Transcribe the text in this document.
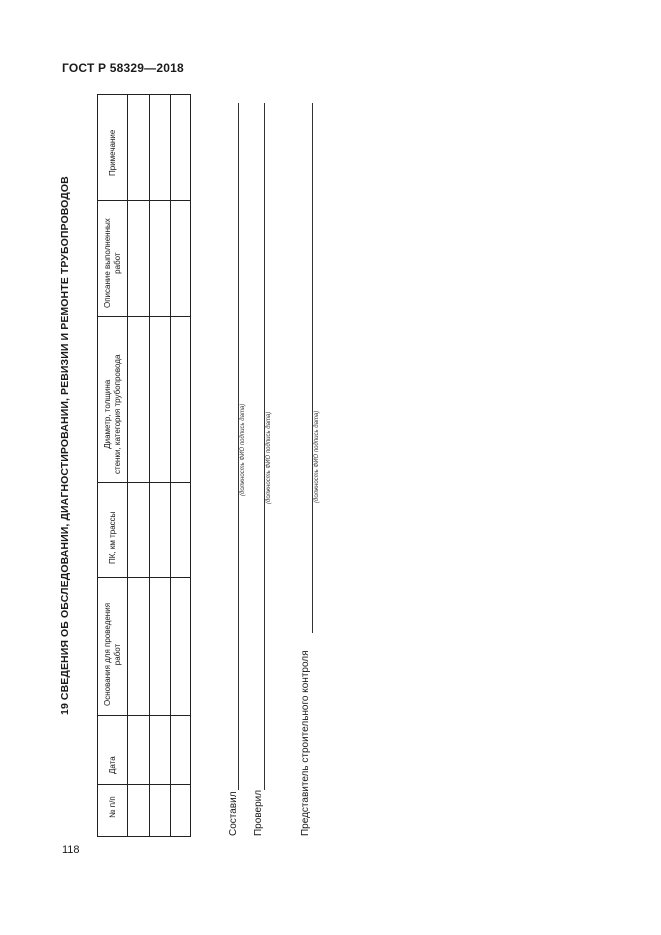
ГОСТ Р 58329—2018
19 СВЕДЕНИЯ ОБ ОБСЛЕДОВАНИИ, ДИАГНОСТИРОВАНИИ, РЕВИЗИИ И РЕМОНТЕ ТРУБОПРОВОДОВ
№ п/п
Дата
Основания для проведения
работ
ПК, км трассы
Диаметр, толщина
стенки, категория трубопровода
Описание выполненных
работ
Примечание
Составил
(должность ФИО подпись дата)
Проверил
(должность ФИО подпись дата)
Представитель строительного контроля
(должность ФИО подпись дата)
118
